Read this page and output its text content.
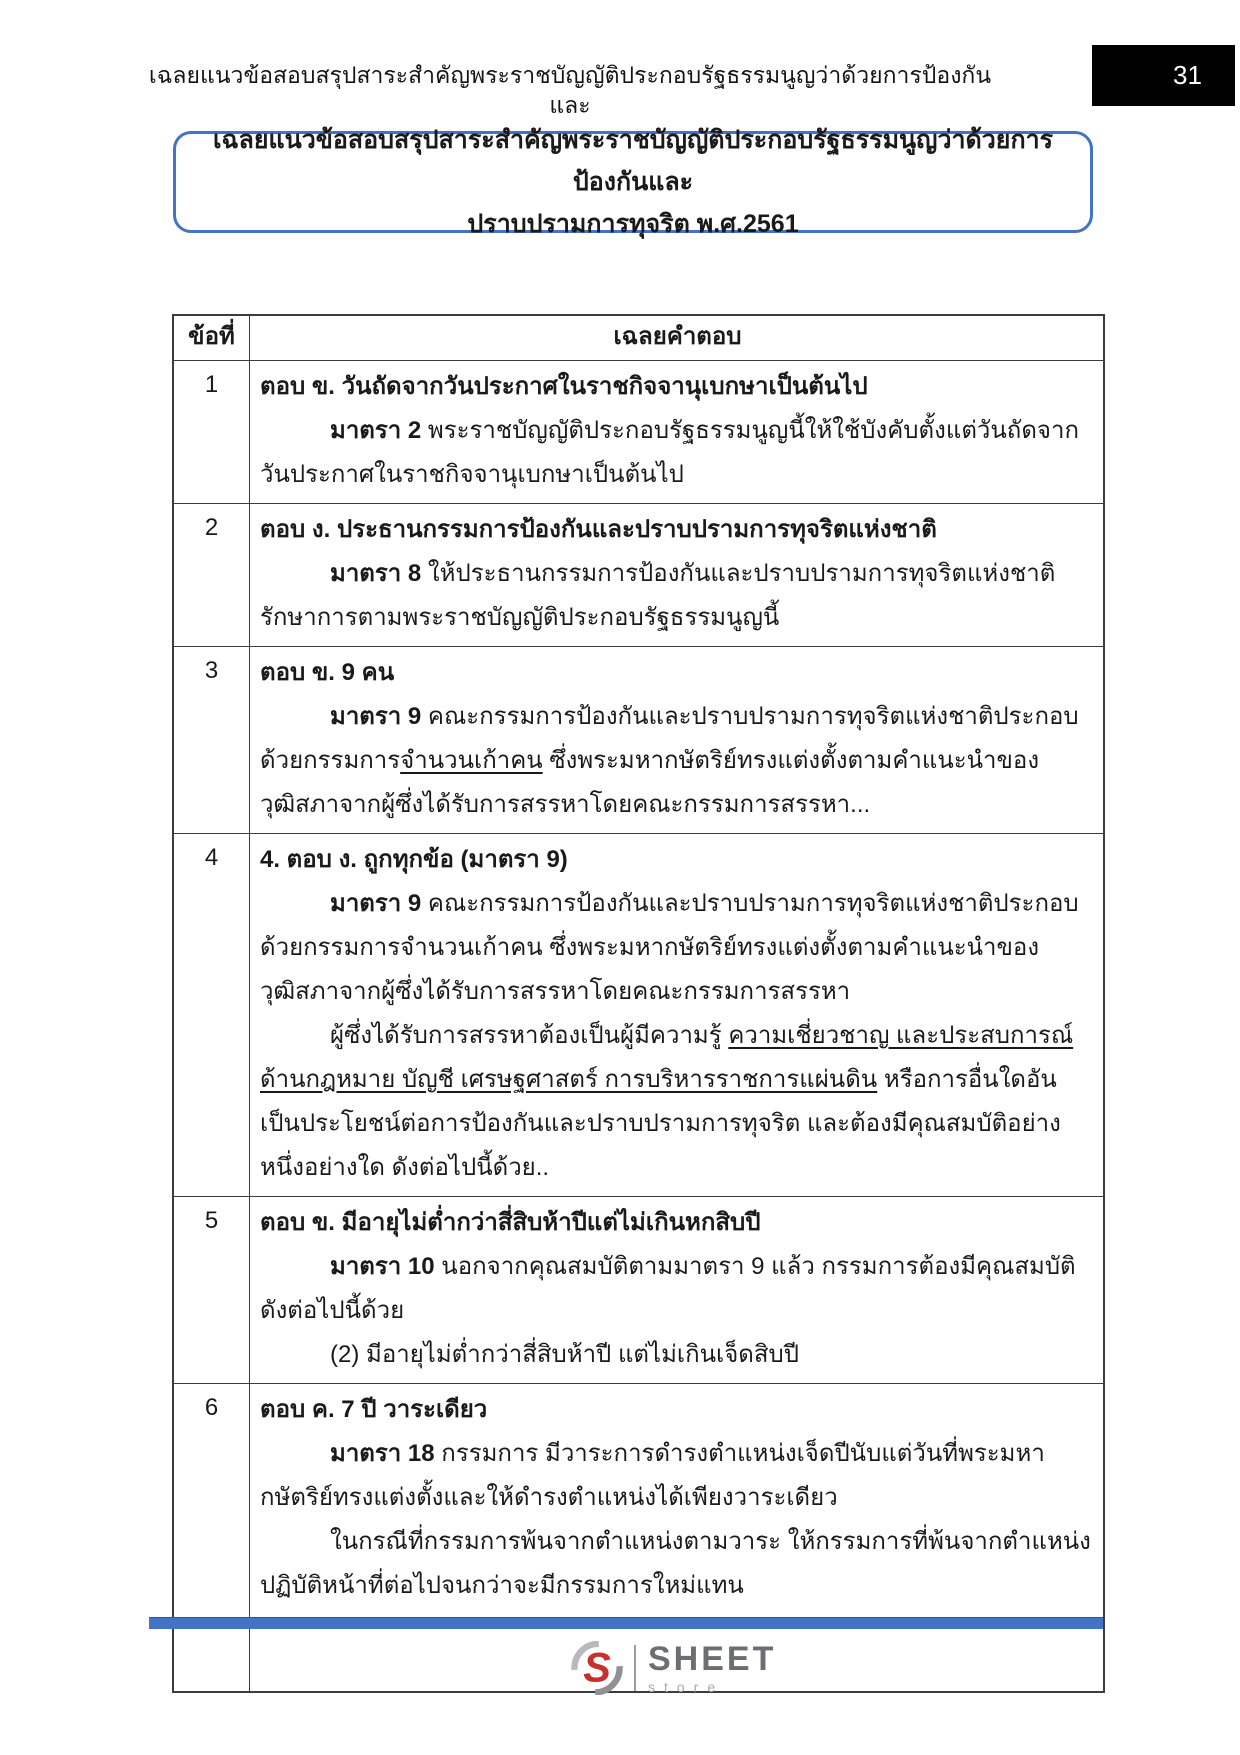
เฉลยแนวข้อสอบสรุปสาระสำคัญพระราชบัญญัติประกอบรัฐธรรมนูญว่าด้วยการป้องกันและ
31
เฉลยแนวข้อสอบสรุปสาระสำคัญพระราชบัญญัติประกอบรัฐธรรมนูญว่าด้วยการป้องกันและ
ปราบปรามการทุจริต พ.ศ.2561
ข้อที่	เฉลยคำตอบ
1	ตอบ ข. วันถัดจากวันประกาศในราชกิจจานุเบกษาเป็นต้นไป
มาตรา 2 พระราชบัญญัติประกอบรัฐธรรมนูญนี้ให้ใช้บังคับตั้งแต่วันถัดจากวันประกาศในราชกิจจานุเบกษาเป็นต้นไป
2	ตอบ ง. ประธานกรรมการป้องกันและปราบปรามการทุจริตแห่งชาติ
มาตรา 8 ให้ประธานกรรมการป้องกันและปราบปรามการทุจริตแห่งชาติรักษาการตามพระราชบัญญัติประกอบรัฐธรรมนูญนี้
3	ตอบ ข. 9 คน
มาตรา 9 คณะกรรมการป้องกันและปราบปรามการทุจริตแห่งชาติประกอบด้วยกรรมการจำนวนเก้าคน ซึ่งพระมหากษัตริย์ทรงแต่งตั้งตามคำแนะนำของวุฒิสภาจากผู้ซึ่งได้รับการสรรหาโดยคณะกรรมการสรรหา...
4	4. ตอบ ง. ถูกทุกข้อ (มาตรา 9)
มาตรา 9 คณะกรรมการป้องกันและปราบปรามการทุจริตแห่งชาติประกอบด้วยกรรมการจำนวนเก้าคน ซึ่งพระมหากษัตริย์ทรงแต่งตั้งตามคำแนะนำของวุฒิสภาจากผู้ซึ่งได้รับการสรรหาโดยคณะกรรมการสรรหา
ผู้ซึ่งได้รับการสรรหาต้องเป็นผู้มีความรู้ ความเชี่ยวชาญ และประสบการณ์ด้านกฎหมาย บัญชี เศรษฐศาสตร์ การบริหารราชการแผ่นดิน หรือการอื่นใดอันเป็นประโยชน์ต่อการป้องกันและปราบปรามการทุจริต และต้องมีคุณสมบัติอย่างหนึ่งอย่างใด ดังต่อไปนี้ด้วย..
5	ตอบ ข. มีอายุไม่ต่ำกว่าสี่สิบห้าปีแต่ไม่เกินหกสิบปี
มาตรา 10 นอกจากคุณสมบัติตามมาตรา 9 แล้ว กรรมการต้องมีคุณสมบัติ ดังต่อไปนี้ด้วย
(2) มีอายุไม่ต่ำกว่าสี่สิบห้าปี แต่ไม่เกินเจ็ดสิบปี
6	ตอบ ค. 7 ปี วาระเดียว
มาตรา 18 กรรมการ มีวาระการดำรงตำแหน่งเจ็ดปีนับแต่วันที่พระมหากษัตริย์ทรงแต่งตั้งและให้ดำรงตำแหน่งได้เพียงวาระเดียว
ในกรณีที่กรรมการพ้นจากตำแหน่งตามวาระ ให้กรรมการที่พ้นจากตำแหน่งปฏิบัติหน้าที่ต่อไปจนกว่าจะมีกรรมการใหม่แทน
S SHEET
store
